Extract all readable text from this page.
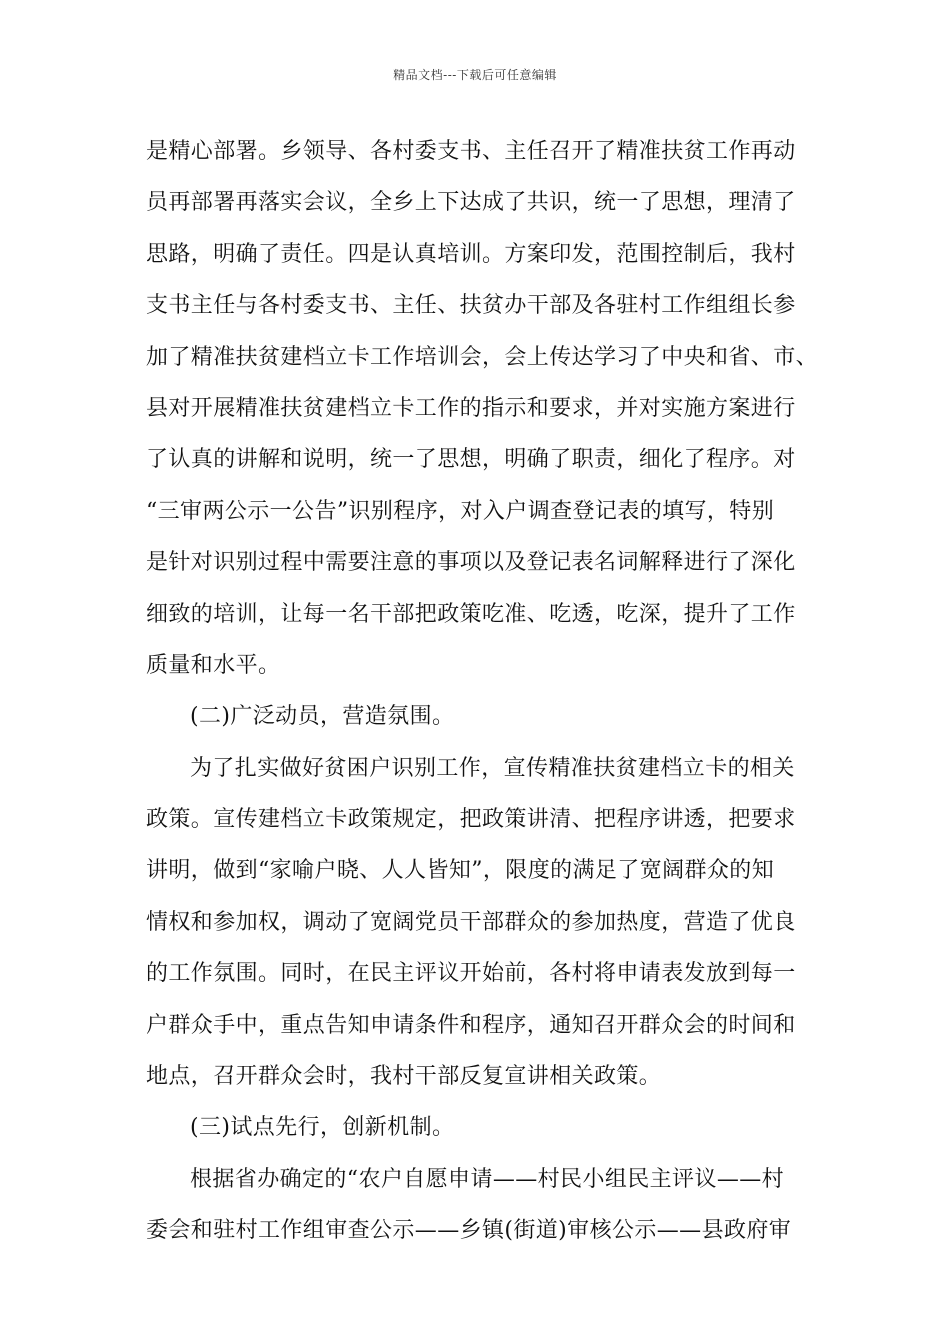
精品文档---下载后可任意编辑
是精心部署。乡领导、各村委支书、主任召开了精准扶贫工作再动
员再部署再落实会议，全乡上下达成了共识，统一了思想，理清了
思路，明确了责任。四是认真培训。方案印发，范围控制后，我村
支书主任与各村委支书、主任、扶贫办干部及各驻村工作组组长参
加了精准扶贫建档立卡工作培训会，会上传达学习了中央和省、市、
县对开展精准扶贫建档立卡工作的指示和要求，并对实施方案进行
了认真的讲解和说明，统一了思想，明确了职责，细化了程序。对
“三审两公示一公告”识别程序，对入户调查登记表的填写，特别
是针对识别过程中需要注意的事项以及登记表名词解释进行了深化
细致的培训，让每一名干部把政策吃准、吃透，吃深，提升了工作
质量和水平。
(二)广泛动员，营造氛围。
为了扎实做好贫困户识别工作，宣传精准扶贫建档立卡的相关
政策。宣传建档立卡政策规定，把政策讲清、把程序讲透，把要求
讲明，做到“家喻户晓、人人皆知”，限度的满足了宽阔群众的知
情权和参加权，调动了宽阔党员干部群众的参加热度，营造了优良
的工作氛围。同时，在民主评议开始前，各村将申请表发放到每一
户群众手中，重点告知申请条件和程序，通知召开群众会的时间和
地点，召开群众会时，我村干部反复宣讲相关政策。
(三)试点先行，创新机制。
根据省办确定的“农户自愿申请——村民小组民主评议——村
委会和驻村工作组审查公示——乡镇(街道)审核公示——县政府审
